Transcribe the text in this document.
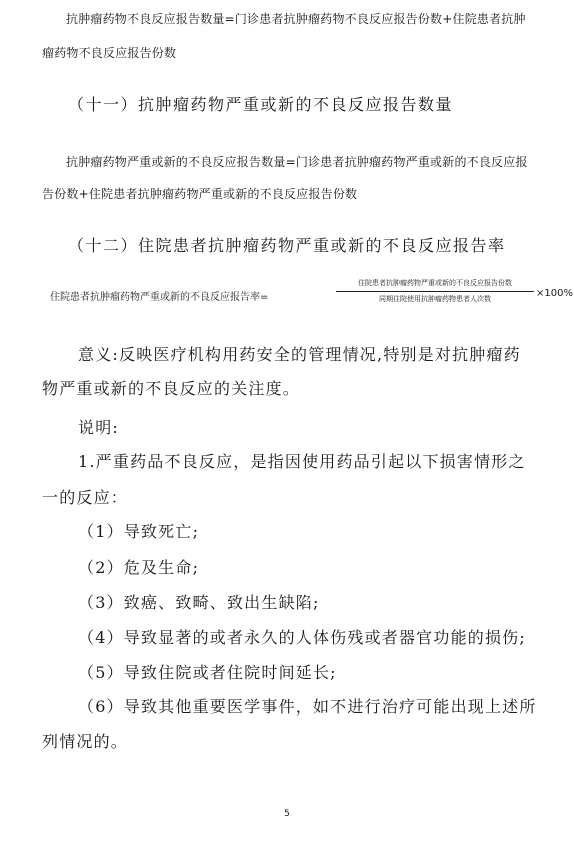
抗肿瘤药物不良反应报告数量=门诊患者抗肿瘤药物不良反应报告份数+住院患者抗肿
瘤药物不良反应报告份数
（十一）抗肿瘤药物严重或新的不良反应报告数量
抗肿瘤药物严重或新的不良反应报告数量=门诊患者抗肿瘤药物严重或新的不良反应报
告份数+住院患者抗肿瘤药物严重或新的不良反应报告份数
（十二）住院患者抗肿瘤药物严重或新的不良反应报告率
住院患者抗肿瘤药物严重或新的不良反应报告率=
住院患者抗肿瘤药物严重或新的不良反应报告份数
同期住院使用抗肿瘤药物患者人次数	×100%
意义:反映医疗机构用药安全的管理情况,特别是对抗肿瘤药
物严重或新的不良反应的关注度。
说明:
1.严重药品不良反应，是指因使用药品引起以下损害情形之
一的反应：
（1）导致死亡;
（2）危及生命;
（3）致癌、致畸、致出生缺陷;
（4）导致显著的或者永久的人体伤残或者器官功能的损伤;
（5）导致住院或者住院时间延长;
（6）导致其他重要医学事件，如不进行治疗可能出现上述所
列情况的。
5
